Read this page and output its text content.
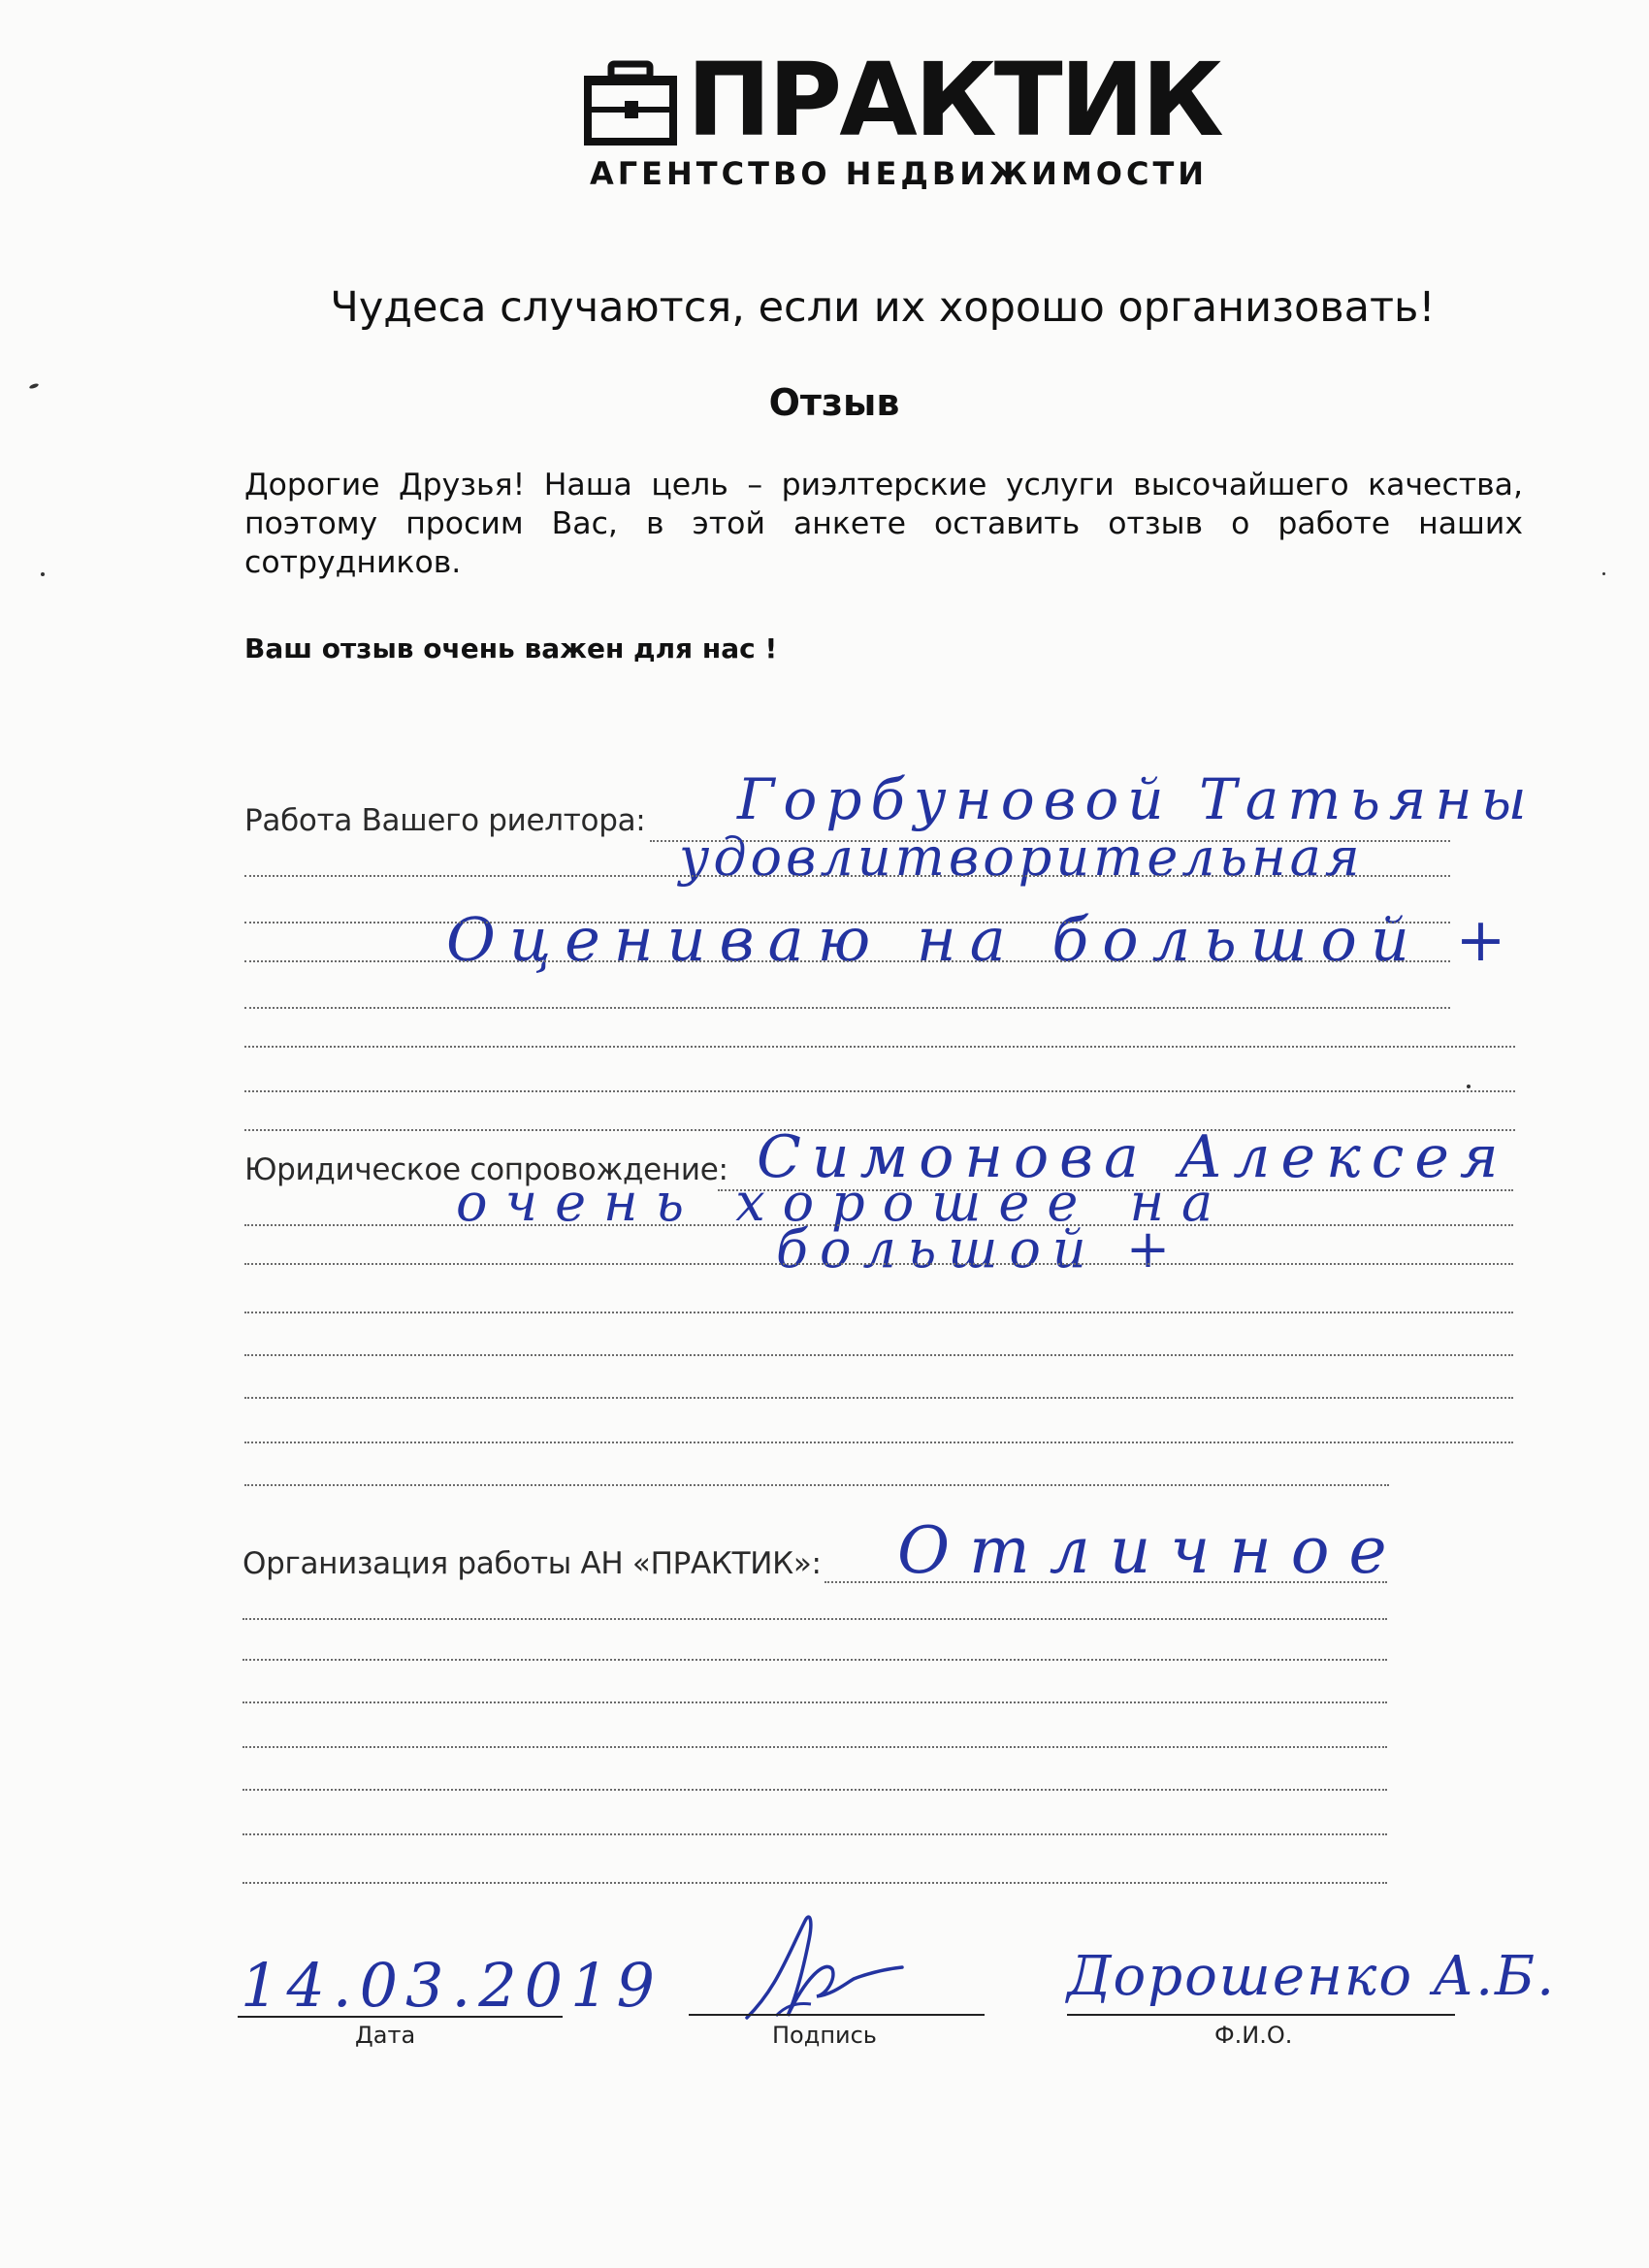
ПРАКТИК
АГЕНТСТВО НЕДВИЖИМОСТИ
Чудеса случаются, если их хорошо организовать!
Отзыв
Дорогие Друзья! Наша цель – риэлтерские услуги высочайшего качества, поэтому просим Вас, в этой анкете оставить отзыв о работе наших сотрудников.
Ваш отзыв очень важен для нас !
Работа Вашего риелтора: Горбуновой Татьяны
удовлитворительная
Оцениваю на большой +
Юридическое сопровождение: Симонова Алексея
очень хорошее на
большой +
Организация работы АН «ПРАКТИК»: Отличное
14.03.2019
Дата	Подпись
Дорошенко А.Б.
Ф.И.О.
